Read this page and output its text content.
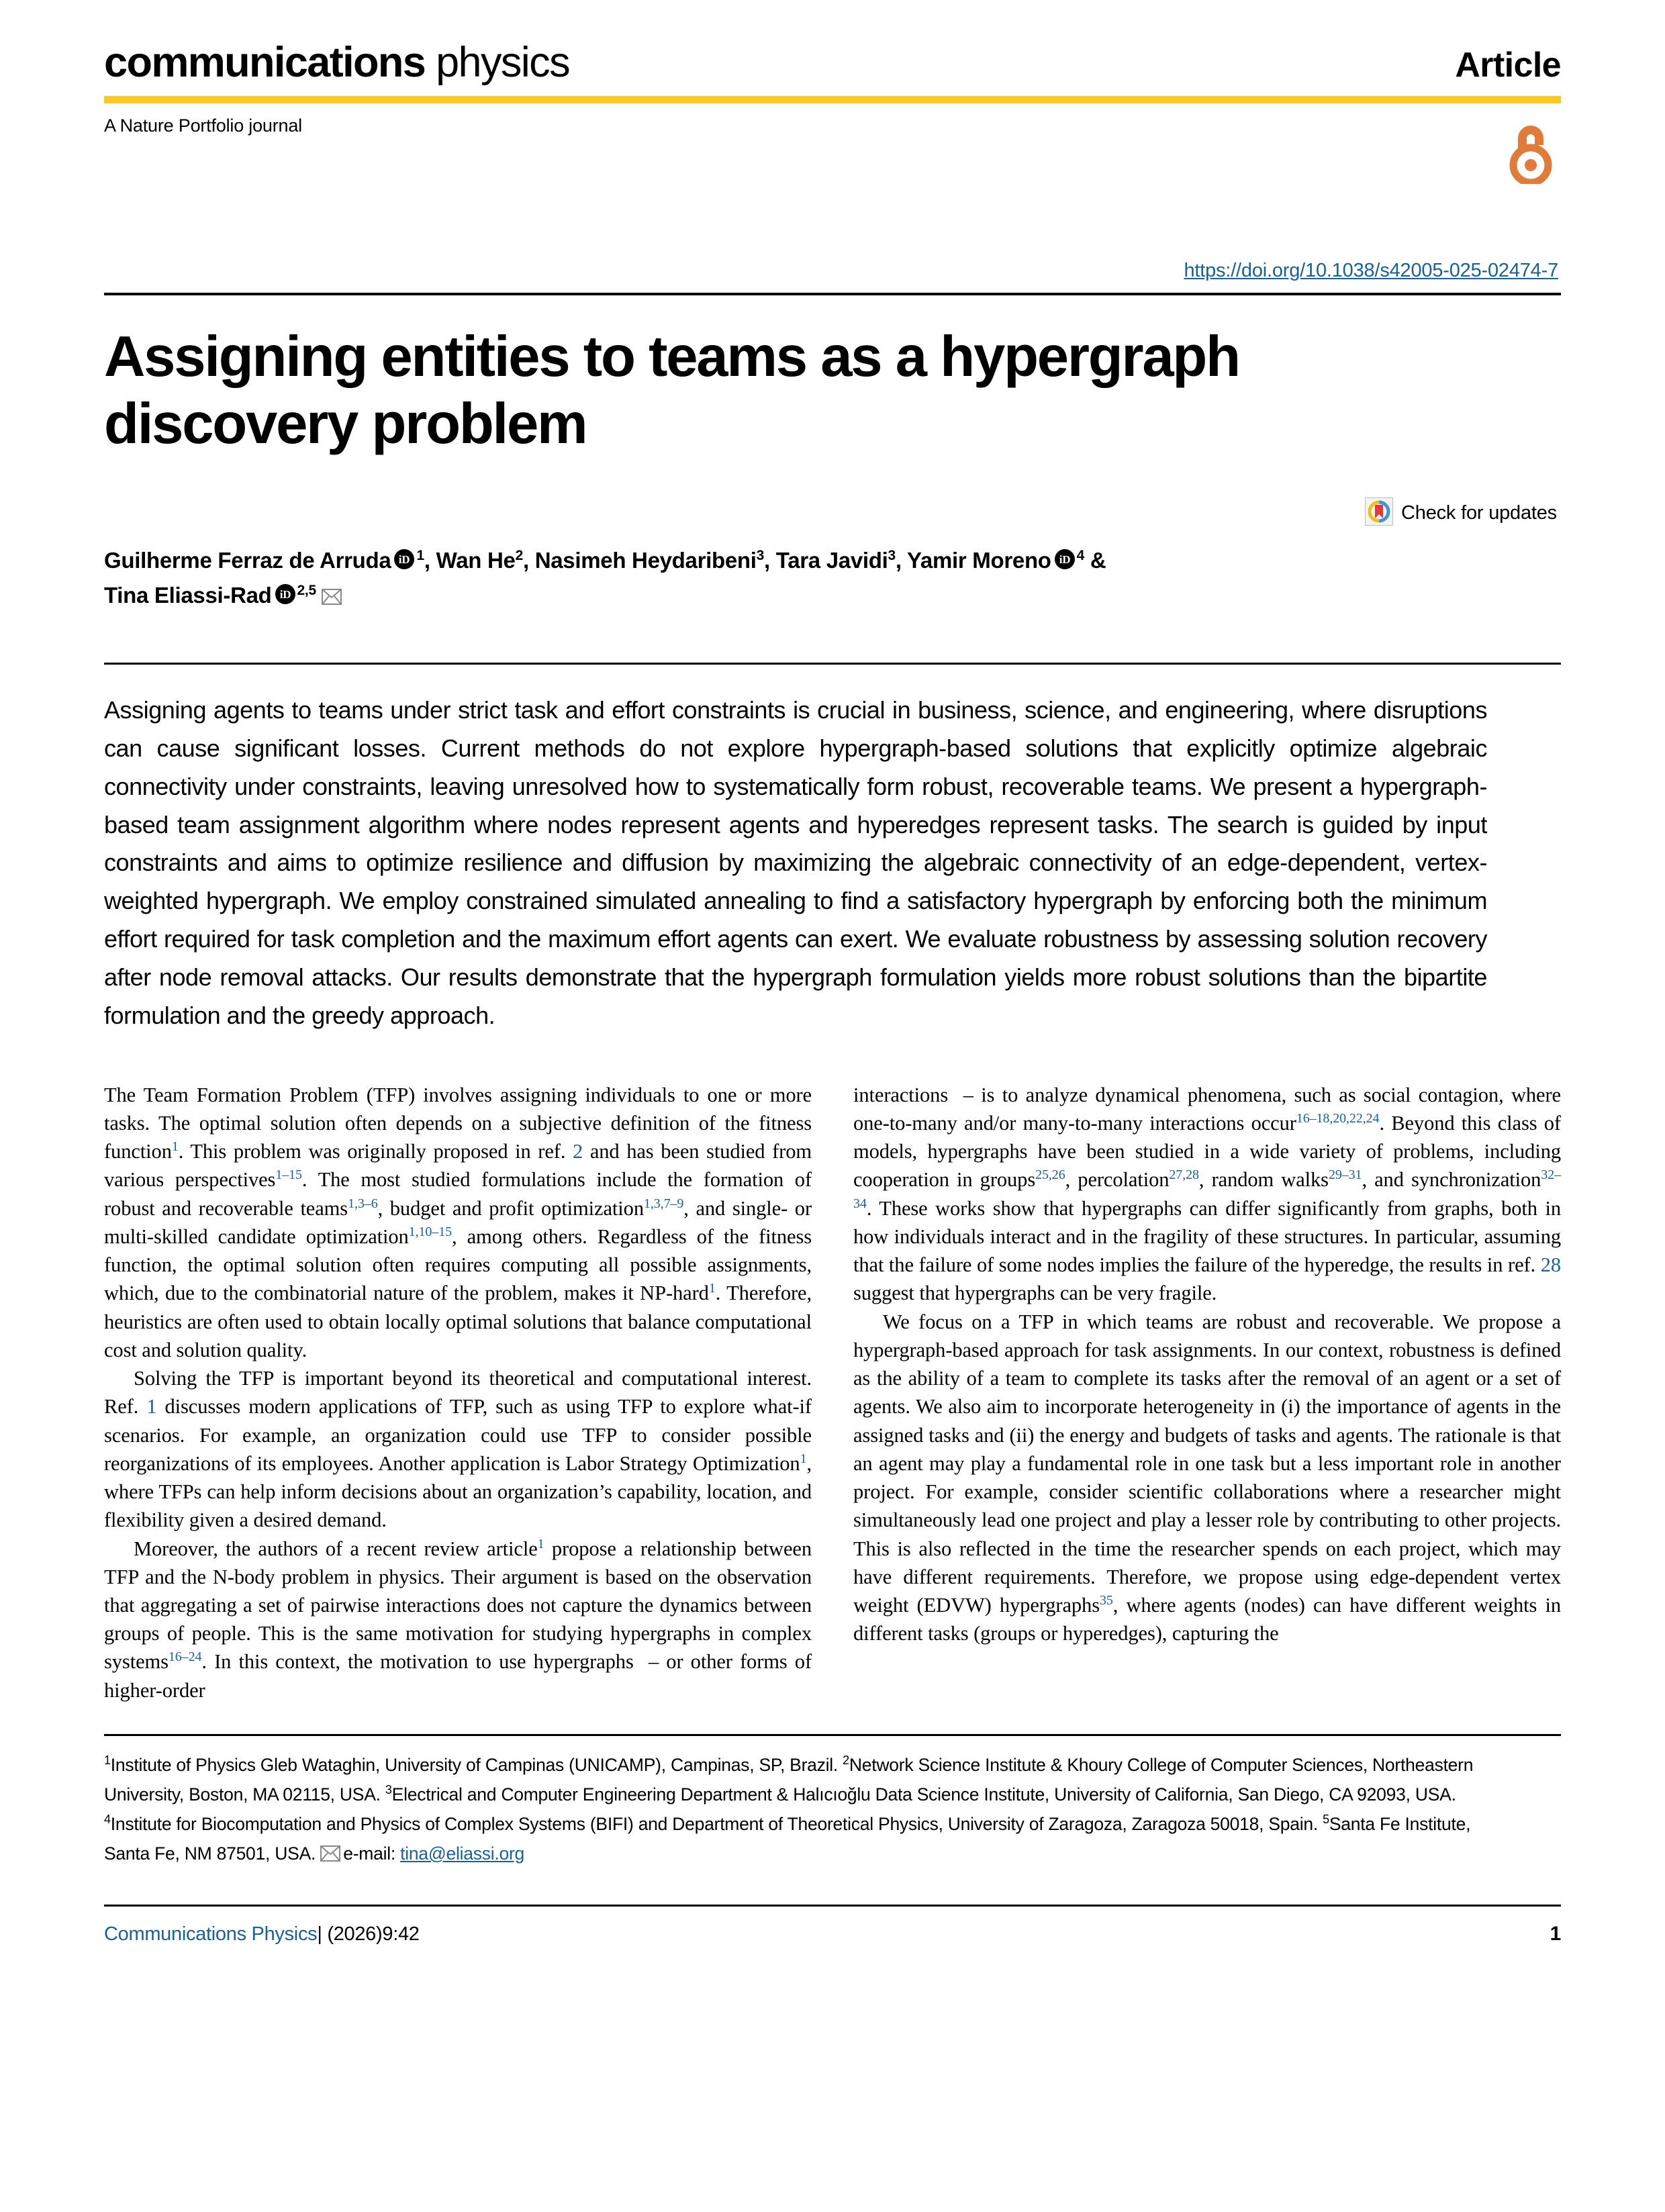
communications physics	Article
A Nature Portfolio journal
https://doi.org/10.1038/s42005-025-02474-7
Assigning entities to teams as a hypergraph discovery problem
Check for updates
Guilherme Ferraz de Arruda iD $^1$, Wan He$^2$, Nasimeh Heydaribeni$^3$, Tara Javidi$^3$, Yamir Moreno iD $^4$ &
Tina Eliassi-Rad iD $^{2,5}$
Assigning agents to teams under strict task and effort constraints is crucial in business, science, and engineering, where disruptions can cause significant losses. Current methods do not explore hypergraph-based solutions that explicitly optimize algebraic connectivity under constraints, leaving unresolved how to systematically form robust, recoverable teams. We present a hypergraph-based team assignment algorithm where nodes represent agents and hyperedges represent tasks. The search is guided by input constraints and aims to optimize resilience and diffusion by maximizing the algebraic connectivity of an edge-dependent, vertex-weighted hypergraph. We employ constrained simulated annealing to find a satisfactory hypergraph by enforcing both the minimum effort required for task completion and the maximum effort agents can exert. We evaluate robustness by assessing solution recovery after node removal attacks. Our results demonstrate that the hypergraph formulation yields more robust solutions than the bipartite formulation and the greedy approach.

The Team Formation Problem (TFP) involves assigning individuals to one or more tasks. The optimal solution often depends on a subjective definition of the fitness function$^1$. This problem was originally proposed in ref. 2 and has been studied from various perspectives$^{1-15}$. The most studied formulations include the formation of robust and recoverable teams$^{1,3-6}$, budget and profit optimization$^{1,3,7-9}$, and single- or multi-skilled candidate optimization$^{1,10-15}$, among others. Regardless of the fitness function, the optimal solution often requires computing all possible assignments, which, due to the combinatorial nature of the problem, makes it NP-hard$^1$. Therefore, heuristics are often used to obtain locally optimal solutions that balance computational cost and solution quality.

Solving the TFP is important beyond its theoretical and computational interest. Ref. 1 discusses modern applications of TFP, such as using TFP to explore what-if scenarios. For example, an organization could use TFP to consider possible reorganizations of its employees. Another application is Labor Strategy Optimization$^1$, where TFPs can help inform decisions about an organization’s capability, location, and flexibility given a desired demand.

Moreover, the authors of a recent review article$^1$ propose a relationship between TFP and the N-body problem in physics. Their argument is based on the observation that aggregating a set of pairwise interactions does not capture the dynamics between groups of people. This is the same motivation for studying hypergraphs in complex systems$^{16-24}$. In this context, the motivation to use hypergraphs  – or other forms of higher-order

interactions  – is to analyze dynamical phenomena, such as social contagion, where one-to-many and/or many-to-many interactions occur$^{16-18,20,22,24}$. Beyond this class of models, hypergraphs have been studied in a wide variety of problems, including cooperation in groups$^{25,26}$, percolation$^{27,28}$, random walks$^{29-31}$, and synchronization$^{32-34}$. These works show that hypergraphs can differ significantly from graphs, both in how individuals interact and in the fragility of these structures. In particular, assuming that the failure of some nodes implies the failure of the hyperedge, the results in ref. 28 suggest that hypergraphs can be very fragile.

We focus on a TFP in which teams are robust and recoverable. We propose a hypergraph-based approach for task assignments. In our context, robustness is defined as the ability of a team to complete its tasks after the removal of an agent or a set of agents. We also aim to incorporate heterogeneity in (i) the importance of agents in the assigned tasks and (ii) the energy and budgets of tasks and agents. The rationale is that an agent may play a fundamental role in one task but a less important role in another project. For example, consider scientific collaborations where a researcher might simultaneously lead one project and play a lesser role by contributing to other projects. This is also reflected in the time the researcher spends on each project, which may have different requirements. Therefore, we propose using edge-dependent vertex weight (EDVW) hypergraphs$^{35}$, where agents (nodes) can have different weights in different tasks (groups or hyperedges), capturing the

$^1$Institute of Physics Gleb Wataghin, University of Campinas (UNICAMP), Campinas, SP, Brazil. $^2$Network Science Institute & Khoury College of Computer Sciences, Northeastern University, Boston, MA 02115, USA. $^3$Electrical and Computer Engineering Department & Halıcıoğlu Data Science Institute, University of California, San Diego, CA 92093, USA. $^4$Institute for Biocomputation and Physics of Complex Systems (BIFI) and Department of Theoretical Physics, University of Zaragoza, Zaragoza 50018, Spain. $^5$Santa Fe Institute, Santa Fe, NM 87501, USA. e-mail: tina@eliassi.org
Communications Physics| (2026)9:42	1
